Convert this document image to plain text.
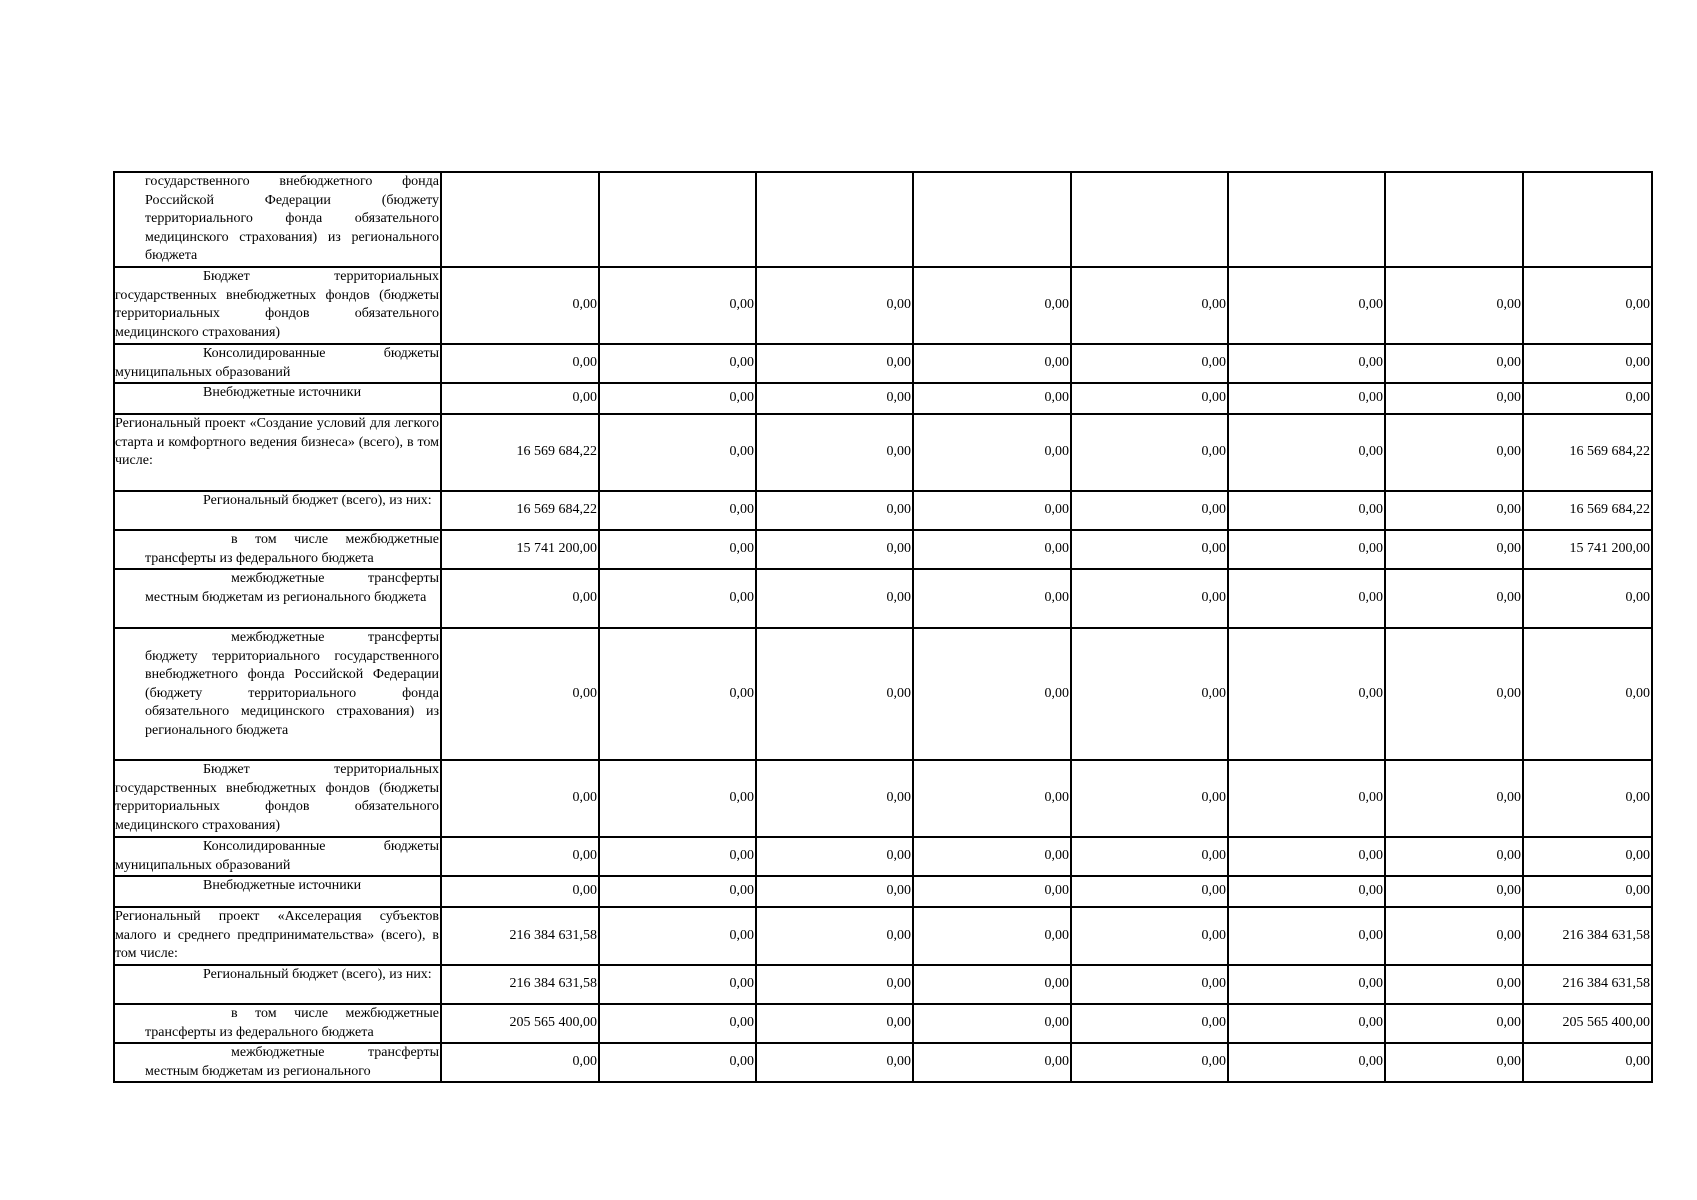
государственного внебюджетного фонда Российской Федерации (бюджету территориального фонда обязательного медицинского страхования) из регионального бюджета								

Бюджет территориальных государственных внебюджетных фондов (бюджеты территориальных фондов обязательного медицинского страхования)	0,00	0,00	0,00	0,00	0,00	0,00	0,00	0,00

Консолидированные бюджеты муниципальных образований	0,00	0,00	0,00	0,00	0,00	0,00	0,00	0,00

Внебюджетные источники	0,00	0,00	0,00	0,00	0,00	0,00	0,00	0,00

Региональный проект «Создание условий для легкого старта и комфортного ведения бизнеса» (всего), в том числе:	16 569 684,22	0,00	0,00	0,00	0,00	0,00	0,00	16 569 684,22

Региональный бюджет (всего), из них:	16 569 684,22	0,00	0,00	0,00	0,00	0,00	0,00	16 569 684,22

в том числе межбюджетные трансферты из федерального бюджета	15 741 200,00	0,00	0,00	0,00	0,00	0,00	0,00	15 741 200,00

межбюджетные трансферты местным бюджетам из регионального бюджета	0,00	0,00	0,00	0,00	0,00	0,00	0,00	0,00

межбюджетные трансферты бюджету территориального государственного внебюджетного фонда Российской Федерации (бюджету территориального фонда обязательного медицинского страхования) из регионального бюджета	0,00	0,00	0,00	0,00	0,00	0,00	0,00	0,00

Бюджет территориальных государственных внебюджетных фондов (бюджеты территориальных фондов обязательного медицинского страхования)	0,00	0,00	0,00	0,00	0,00	0,00	0,00	0,00

Консолидированные бюджеты муниципальных образований	0,00	0,00	0,00	0,00	0,00	0,00	0,00	0,00

Внебюджетные источники	0,00	0,00	0,00	0,00	0,00	0,00	0,00	0,00

Региональный проект «Акселерация субъектов малого и среднего предпринимательства» (всего), в том числе:	216 384 631,58	0,00	0,00	0,00	0,00	0,00	0,00	216 384 631,58

Региональный бюджет (всего), из них:	216 384 631,58	0,00	0,00	0,00	0,00	0,00	0,00	216 384 631,58

в том числе межбюджетные трансферты из федерального бюджета	205 565 400,00	0,00	0,00	0,00	0,00	0,00	0,00	205 565 400,00

межбюджетные трансферты местным бюджетам из регионального	0,00	0,00	0,00	0,00	0,00	0,00	0,00	0,00
